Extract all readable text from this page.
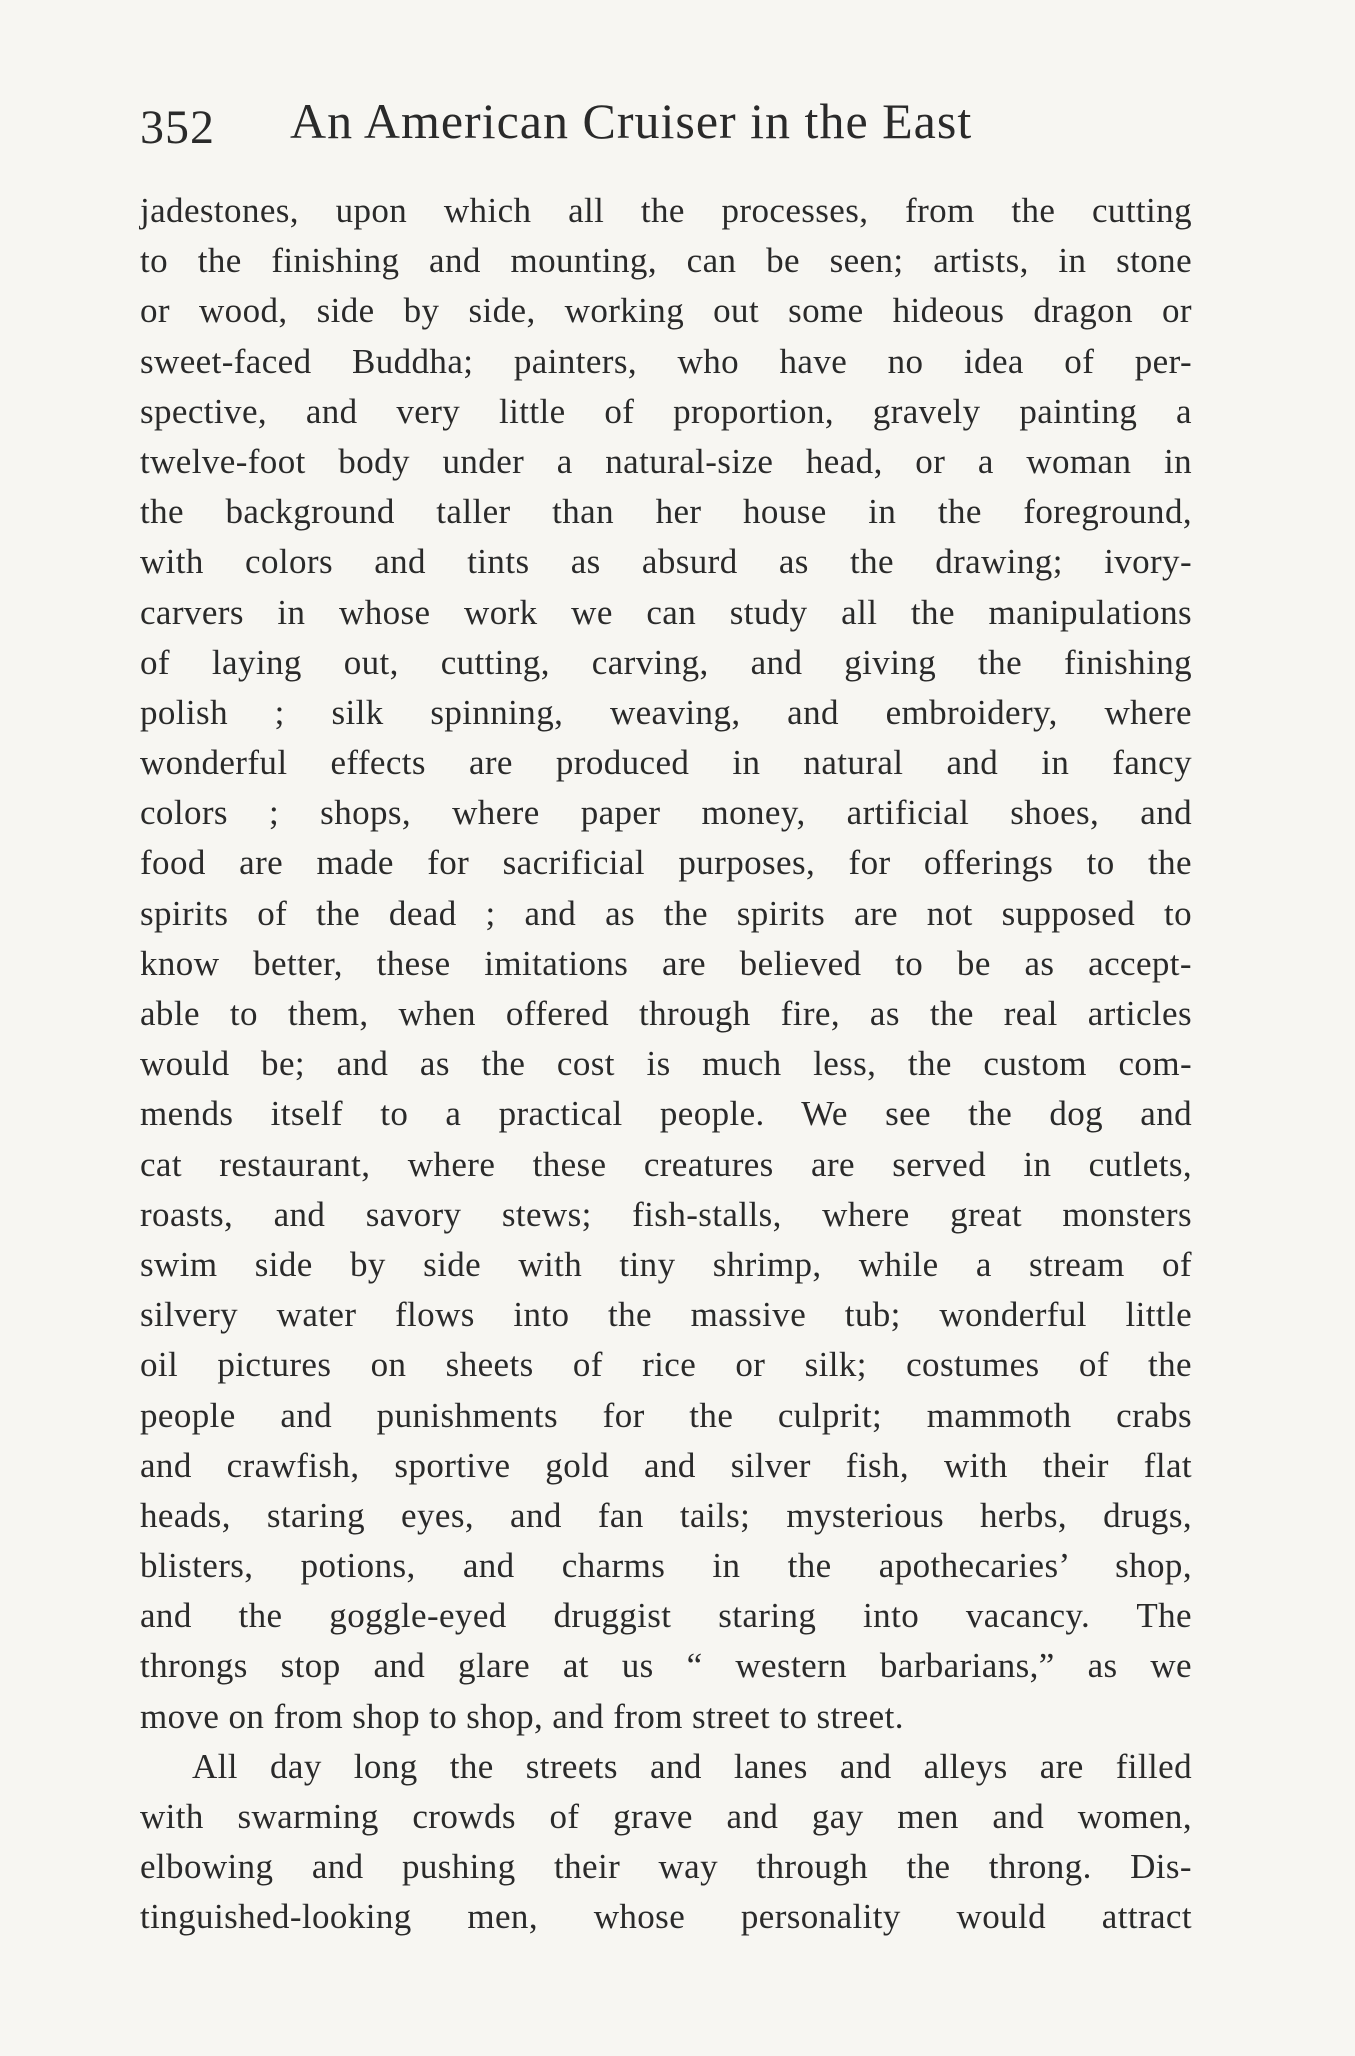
352 An American Cruiser in the East
jadestones, upon which all the processes, from the cutting
to the finishing and mounting, can be seen; artists, in stone
or wood, side by side, working out some hideous dragon or
sweet-faced Buddha; painters, who have no idea of per-
spective, and very little of proportion, gravely painting a
twelve-foot body under a natural-size head, or a woman in
the background taller than her house in the foreground,
with colors and tints as absurd as the drawing; ivory-
carvers in whose work we can study all the manipulations
of laying out, cutting, carving, and giving the finishing
polish ; silk spinning, weaving, and embroidery, where
wonderful effects are produced in natural and in fancy
colors ; shops, where paper money, artificial shoes, and
food are made for sacrificial purposes, for offerings to the
spirits of the dead ; and as the spirits are not supposed to
know better, these imitations are believed to be as accept-
able to them, when offered through fire, as the real articles
would be; and as the cost is much less, the custom com-
mends itself to a practical people. We see the dog and
cat restaurant, where these creatures are served in cutlets,
roasts, and savory stews; fish-stalls, where great monsters
swim side by side with tiny shrimp, while a stream of
silvery water flows into the massive tub; wonderful little
oil pictures on sheets of rice or silk; costumes of the
people and punishments for the culprit; mammoth crabs
and crawfish, sportive gold and silver fish, with their flat
heads, staring eyes, and fan tails; mysterious herbs, drugs,
blisters, potions, and charms in the apothecaries’ shop,
and the goggle-eyed druggist staring into vacancy. The
throngs stop and glare at us “ western barbarians,” as we
move on from shop to shop, and from street to street.
All day long the streets and lanes and alleys are filled
with swarming crowds of grave and gay men and women,
elbowing and pushing their way through the throng. Dis-
tinguished-looking men, whose personality would attract
